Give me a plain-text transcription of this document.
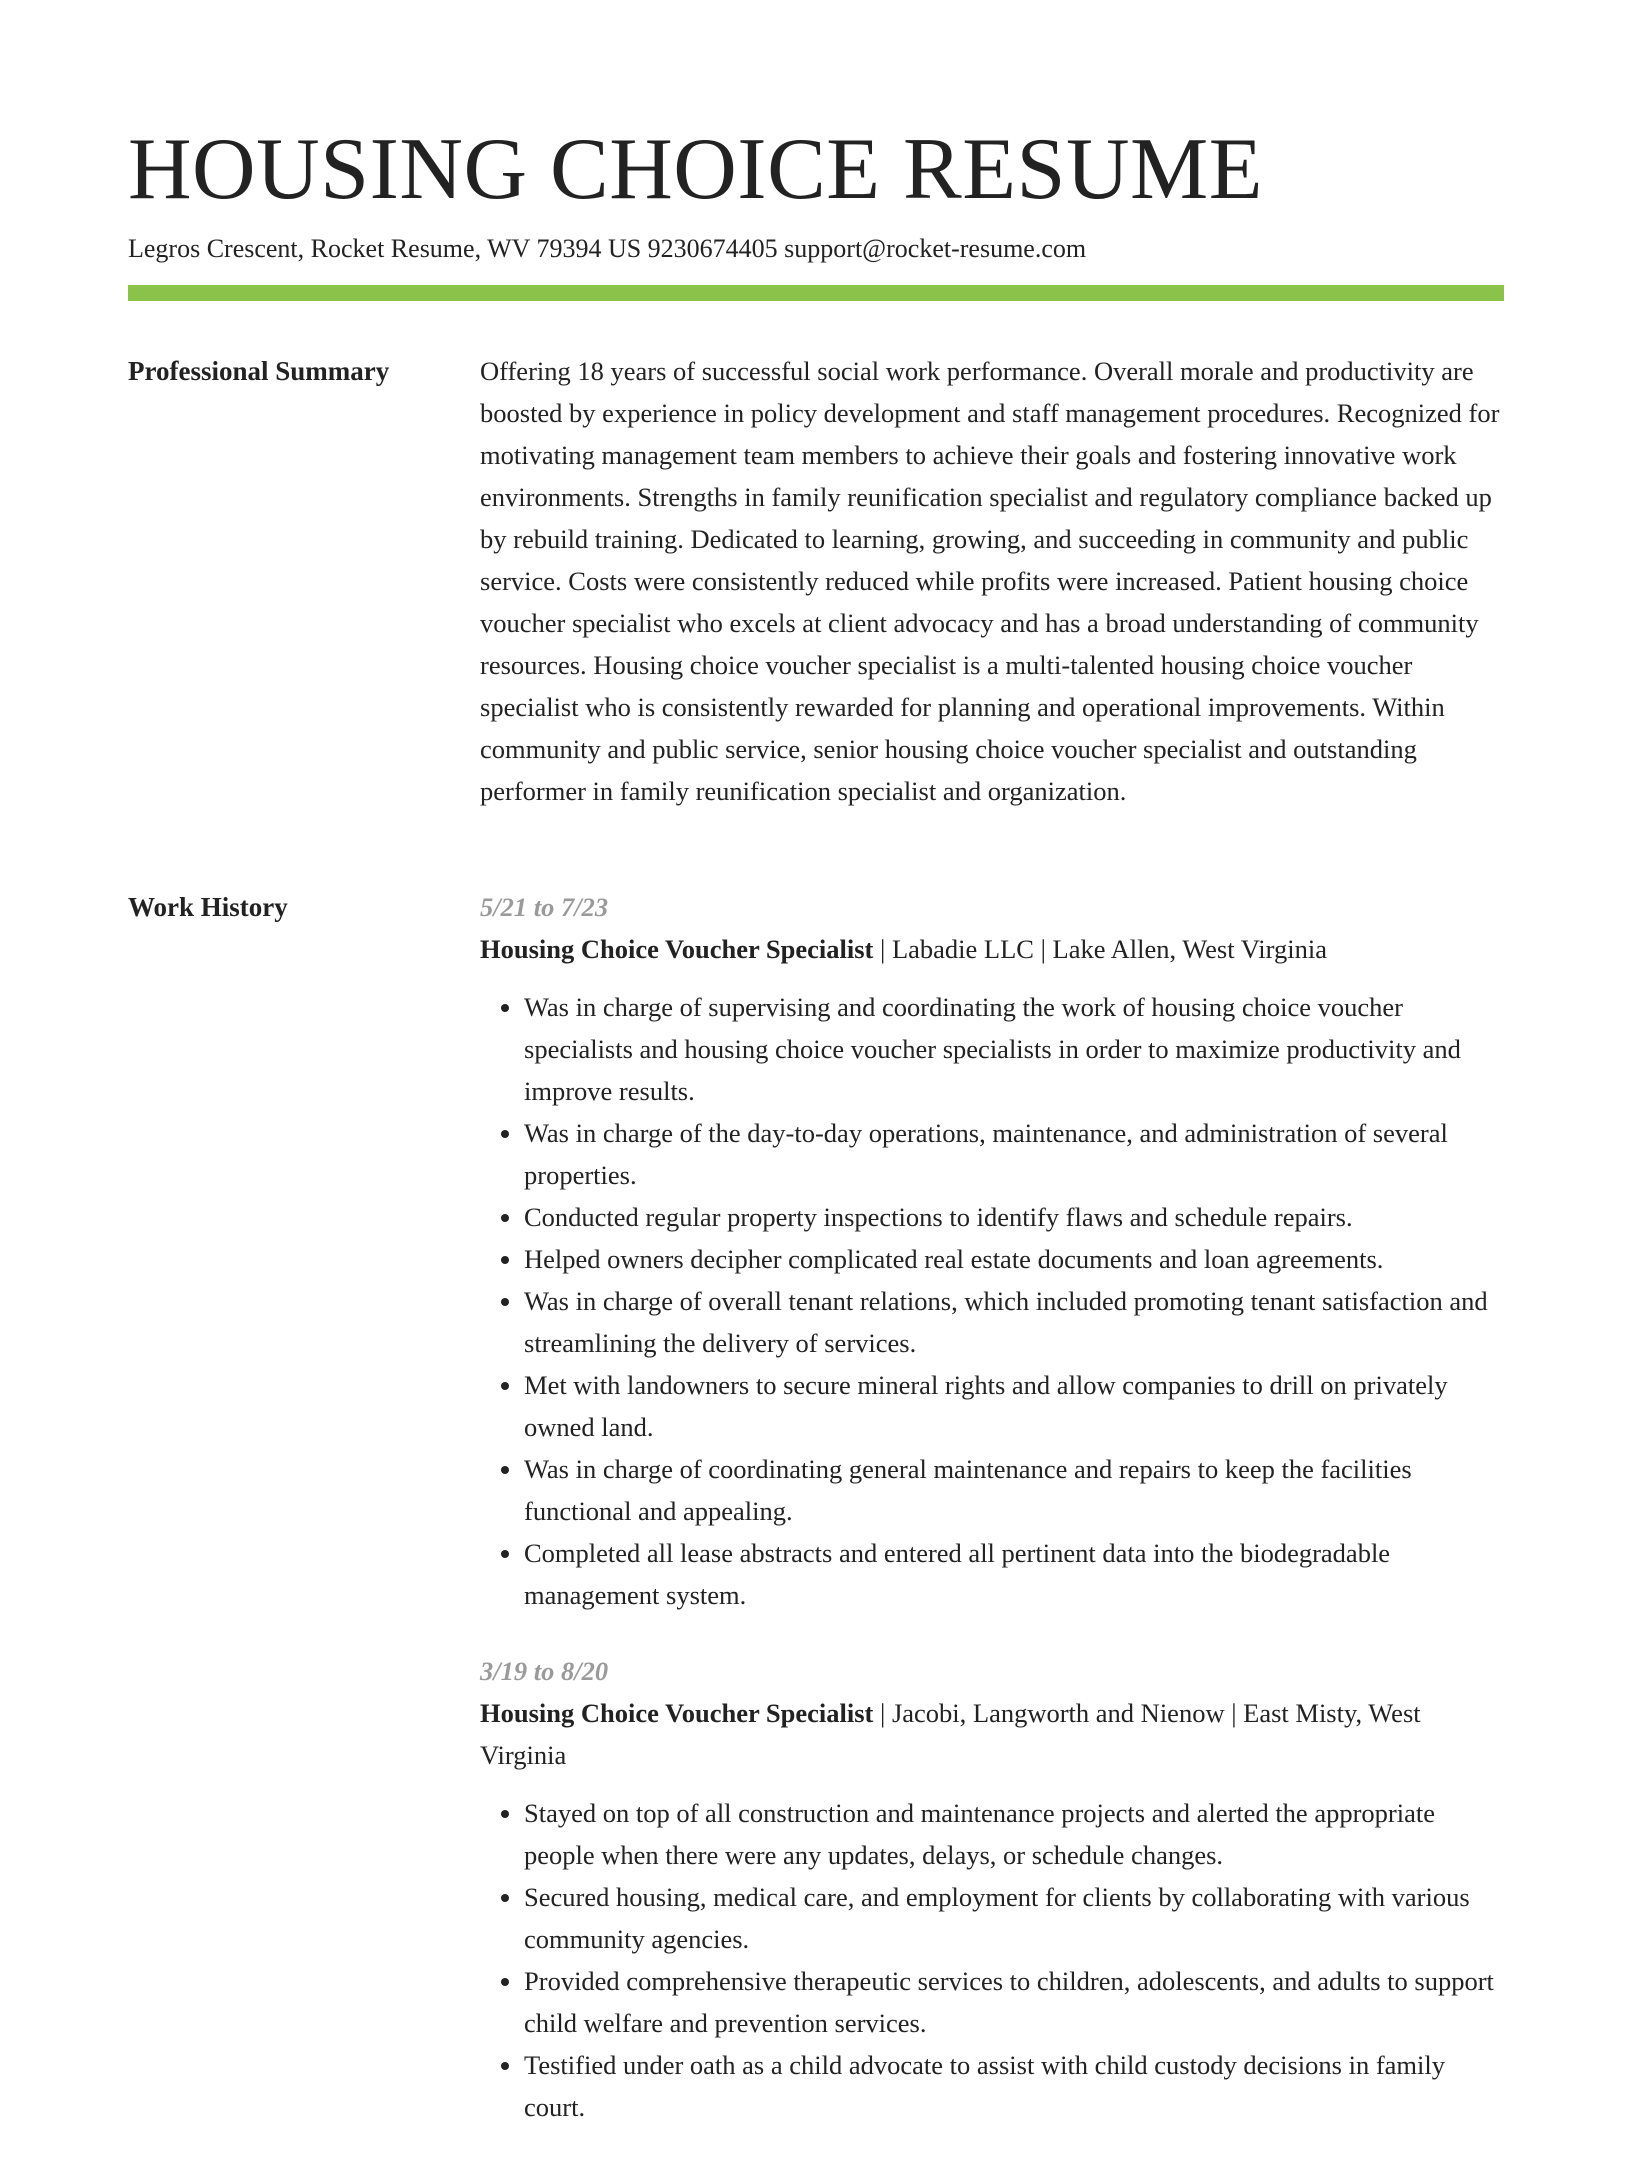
HOUSING CHOICE RESUME
Legros Crescent, Rocket Resume, WV 79394 US 9230674405 support@rocket-resume.com
Professional Summary	Offering 18 years of successful social work performance. Overall morale and productivity are boosted by experience in policy development and staff management procedures. Recognized for motivating management team members to achieve their goals and fostering innovative work environments. Strengths in family reunification specialist and regulatory compliance backed up by rebuild training. Dedicated to learning, growing, and succeeding in community and public service. Costs were consistently reduced while profits were increased. Patient housing choice voucher specialist who excels at client advocacy and has a broad understanding of community resources. Housing choice voucher specialist is a multi-talented housing choice voucher specialist who is consistently rewarded for planning and operational improvements. Within community and public service, senior housing choice voucher specialist and outstanding performer in family reunification specialist and organization.

Work History	5/21 to 7/23
Housing Choice Voucher Specialist | Labadie LLC | Lake Allen, West Virginia
• Was in charge of supervising and coordinating the work of housing choice voucher specialists and housing choice voucher specialists in order to maximize productivity and improve results.
• Was in charge of the day-to-day operations, maintenance, and administration of several properties.
• Conducted regular property inspections to identify flaws and schedule repairs.
• Helped owners decipher complicated real estate documents and loan agreements.
• Was in charge of overall tenant relations, which included promoting tenant satisfaction and streamlining the delivery of services.
• Met with landowners to secure mineral rights and allow companies to drill on privately owned land.
• Was in charge of coordinating general maintenance and repairs to keep the facilities functional and appealing.
• Completed all lease abstracts and entered all pertinent data into the biodegradable management system.
3/19 to 8/20
Housing Choice Voucher Specialist | Jacobi, Langworth and Nienow | East Misty, West Virginia
• Stayed on top of all construction and maintenance projects and alerted the appropriate people when there were any updates, delays, or schedule changes.
• Secured housing, medical care, and employment for clients by collaborating with various community agencies.
• Provided comprehensive therapeutic services to children, adolescents, and adults to support child welfare and prevention services.
• Testified under oath as a child advocate to assist with child custody decisions in family court.
